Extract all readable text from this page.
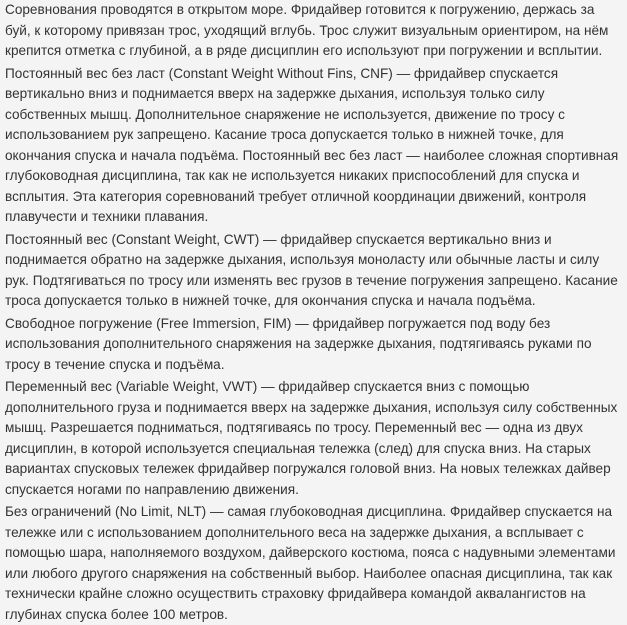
Соревнования проводятся в открытом море. Фридайвер готовится к погружению, держась за буй, к которому привязан трос, уходящий вглубь. Трос служит визуальным ориентиром, на нём крепится отметка с глубиной, а в ряде дисциплин его используют при погружении и всплытии.

Постоянный вес без ласт (Constant Weight Without Fins, CNF) — фридайвер спускается вертикально вниз и поднимается вверх на задержке дыхания, используя только силу собственных мышц. Дополнительное снаряжение не используется, движение по тросу с использованием рук запрещено. Касание троса допускается только в нижней точке, для окончания спуска и начала подъёма. Постоянный вес без ласт — наиболее сложная спортивная глубоководная дисциплина, так как не используется никаких приспособлений для спуска и всплытия. Эта категория соревнований требует отличной координации движений, контроля плавучести и техники плавания.

Постоянный вес (Constant Weight, CWT) — фридайвер спускается вертикально вниз и поднимается обратно на задержке дыхания, используя моноласту или обычные ласты и силу рук. Подтягиваться по тросу или изменять вес грузов в течение погружения запрещено. Касание троса допускается только в нижней точке, для окончания спуска и начала подъёма.

Свободное погружение (Free Immersion, FIM) — фридайвер погружается под воду без использования дополнительного снаряжения на задержке дыхания, подтягиваясь руками по тросу в течение спуска и подъёма.

Переменный вес (Variable Weight, VWT) — фридайвер спускается вниз с помощью дополнительного груза и поднимается вверх на задержке дыхания, используя силу собственных мышц. Разрешается подниматься, подтягиваясь по тросу. Переменный вес — одна из двух дисциплин, в которой используется специальная тележка (след) для спуска вниз. На старых вариантах спусковых тележек фридайвер погружался головой вниз. На новых тележках дайвер спускается ногами по направлению движения.

Без ограничений (No Limit, NLT) — самая глубоководная дисциплина. Фридайвер спускается на тележке или с использованием дополнительного веса на задержке дыхания, а всплывает с помощью шара, наполняемого воздухом, дайверского костюма, пояса с надувными элементами или любого другого снаряжения на собственный выбор. Наиболее опасная дисциплина, так как технически крайне сложно осуществить страховку фридайвера командой аквалангистов на глубинах спуска более 100 метров.
